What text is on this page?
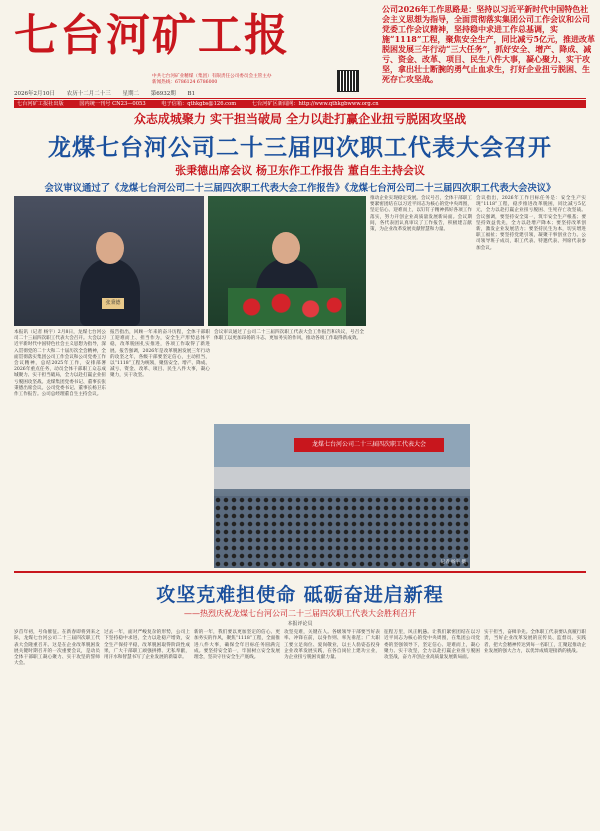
七台河矿工报
公司2026年工作思路是：坚持以习近平新时代中国特色社会主义思想为指导，全面贯彻落实集团公司工作会议和公司党委工作会议精神，坚持稳中求进工作总基调，实施“1118”工程，聚焦安全生产，同比减亏5亿元，推进改革脱困发展三年行动“三大任务”，抓好安全、增产、降成、减亏、资金、改革、项目、民生八件大事，凝心聚力、实干攻坚，拿出壮士断腕的勇气止血求生，打好企业扭亏脱困、生死存亡攻坚战。
中共七台河矿业精煤（集团）有限责任公司委员会主管主办
新闻热线：6786124 6786000
2026年2月10日 农历十二月二十三 星期二 第6932期 B1
七台河矿工报社出版	国内统一刊号 CN23—0053	电子信箱：qthkgbs@126.com	七台河矿区新闻网：http://www.qthkgbwww.org.cn
众志成城聚力 实干担当破局 全力以赴打赢企业扭亏脱困攻坚战
龙煤七台河公司二十三届四次职工代表大会召开
张秉德出席会议 杨卫东作工作报告 董自生主持会议
会议审议通过了《龙煤七台河公司二十三届四次职工代表大会工作报告》《龙煤七台河公司二十三届四次职工代表大会决议》
张秉德
本报讯（记者 杨宇）2月8日，龙煤七台河公司二十三届四次职工代表大会召开。大会以习近平新时代中国特色社会主义思想为指导，深入贯彻党的二十大和二十届历次全会精神，全面贯彻落实集团公司工作会议和公司党委工作会议精神，总结2025年工作，安排部署2026年重点任务，动员全体干部职工众志成城聚力、实干担当破局，全力以赴打赢企业扭亏脱困攻坚战。龙煤集团党委书记、董事长张秉德出席会议。公司党委书记、董事长杨卫东作工作报告。公司总经理董自生主持会议。
报告指出，回顾一年来的奋斗历程，全体干部职工迎难而上、担当作为，安全生产形势总体平稳，改革脱困扎实推进，各项工作取得了新进展。报告强调，2026年是改革脱困发展三年行动的攻坚之年，各级干部要坚定信心，主动担当，以“1118”工程为统领，聚焦安全、增产、降成、减亏、资金、改革、项目、民生八件大事，凝心聚力，实干攻坚。
会议审议通过了公司二十三届四次职工代表大会工作报告和决议，号召全体职工以更加昂扬的斗志、更加务实的作风，推动各项工作取得新成效。
推动企业实现稳定发展。会议号召，全体干部职工要紧密团结在以习近平同志为核心的党中央周围，坚定信心、迎难而上，以钉钉子精神抓好各项工作落实，努力开创企业高质量发展新局面。会议期间，各代表团认真审议了工作报告，积极建言献策，为企业改革发展贡献智慧和力量。
会议指出，2026年工作目标任务是：安全生产实现“1118”工程，稳步推进改革脱困，同比减亏5亿元，全力以赴打赢企业扭亏脱困、生死存亡攻坚战。会议强调，要坚持安全第一，筑牢安全生产根基；要坚持效益优先，全力以赴增产降本；要坚持改革创新，激发企业发展活力；要坚持民生为本，切实增进职工福祉；要坚持党建引领，凝聚干事创业合力。公司领导班子成员，职工代表、特邀代表、列席代表参加会议。
龙煤七台河公司二十三届四次职工代表大会
记者 杨宇 摄
攻坚克难担使命 砥砺奋进启新程
——热烈庆祝龙煤七台河公司二十三届四次职工代表大会胜利召开
本报评论员
岁首年初，号角催征。在新春即将到来之际，龙煤七台河公司二十三届四次职工代表大会隆重召开。这是在企业改革脱困发展关键时期召开的一次重要会议，是动员全体干部职工凝心聚力、实干攻坚的誓师大会。
过去一年，面对严峻复杂的形势，公司上下坚持稳中求进，全力以赴稳产增效，安全生产保持平稳，改革脱困取得阶段性成果，广大干部职工顽强拼搏、无私奉献，用汗水和智慧书写了企业发展的新篇章。
新的一年，我们要以更加坚定的信心、更加务实的作风，聚焦“1118”工程，全面推进八件大事，确保全年目标任务圆满完成。要坚持安全第一，牢固树立安全发展理念，坚决守住安全生产底线。
攻坚克难，关键在人。各级领导干部要当好表率、冲锋在前，以身作则、率先垂范；广大职工要立足岗位、爱岗敬业，以主人翁姿态投身企业改革发展实践，在各自岗位上建功立业，为企业扭亏脱困贡献力量。
征程万里，风正帆悬。让我们紧密团结在以习近平同志为核心的党中央周围，在集团公司党委的坚强领导下，坚定信心、迎难而上，凝心聚力、实干攻坚，全力以赴打赢企业扭亏脱困攻坚战，奋力开创企业高质量发展新局面。
实干担当，奋楫争先。全体职工代表要认真履行职责，当好企业改革发展的宣传员、监督员、实践者，把大会精神传达到每一名职工，汇聚起推动企业发展的强大合力，以优异成绩迎接新的挑战。
